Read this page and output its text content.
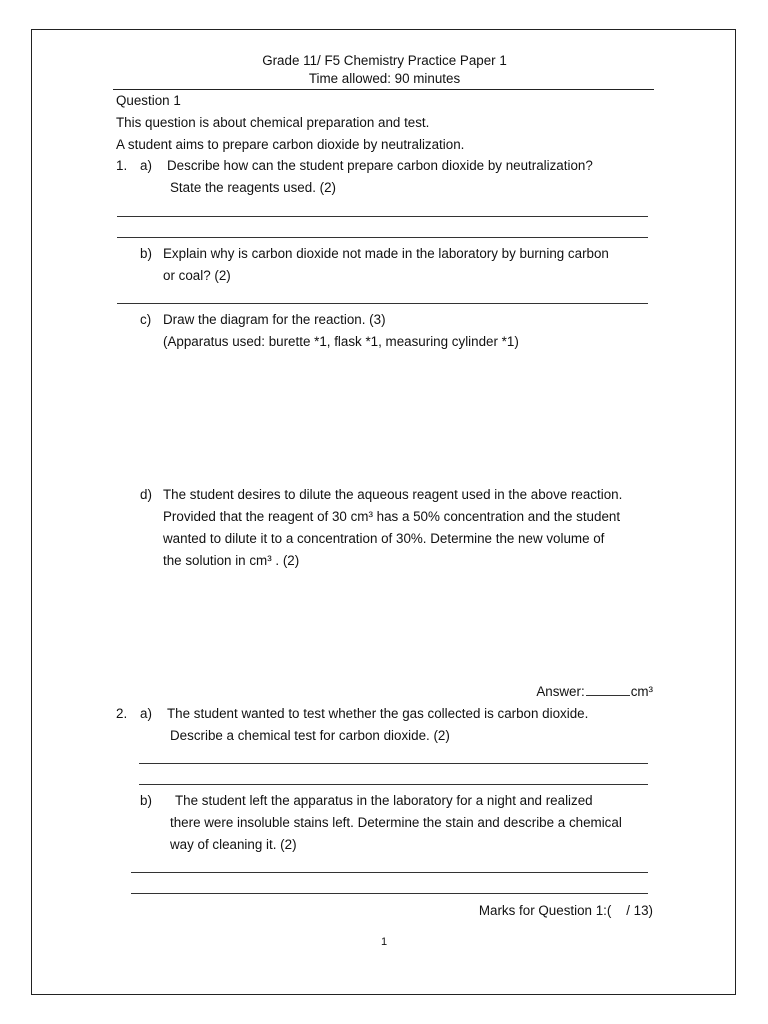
Grade 11/ F5 Chemistry Practice Paper 1
Time allowed: 90 minutes
Question 1
This question is about chemical preparation and test.
A student aims to prepare carbon dioxide by neutralization.
1. a) Describe how can the student prepare carbon dioxide by neutralization?
State the reagents used. (2)
b) Explain why is carbon dioxide not made in the laboratory by burning carbon
or coal? (2)
c) Draw the diagram for the reaction. (3)
(Apparatus used: burette *1, flask *1, measuring cylinder *1)
d) The student desires to dilute the aqueous reagent used in the above reaction.
Provided that the reagent of 30 cm³ has a 50% concentration and the student
wanted to dilute it to a concentration of 30%. Determine the new volume of
the solution in cm³ . (2)
Answer:	cm³
2. a) The student wanted to test whether the gas collected is carbon dioxide.
Describe a chemical test for carbon dioxide. (2)
b) The student left the apparatus in the laboratory for a night and realized
there were insoluble stains left. Determine the stain and describe a chemical
way of cleaning it. (2)
Marks for Question 1:(    / 13)
1
